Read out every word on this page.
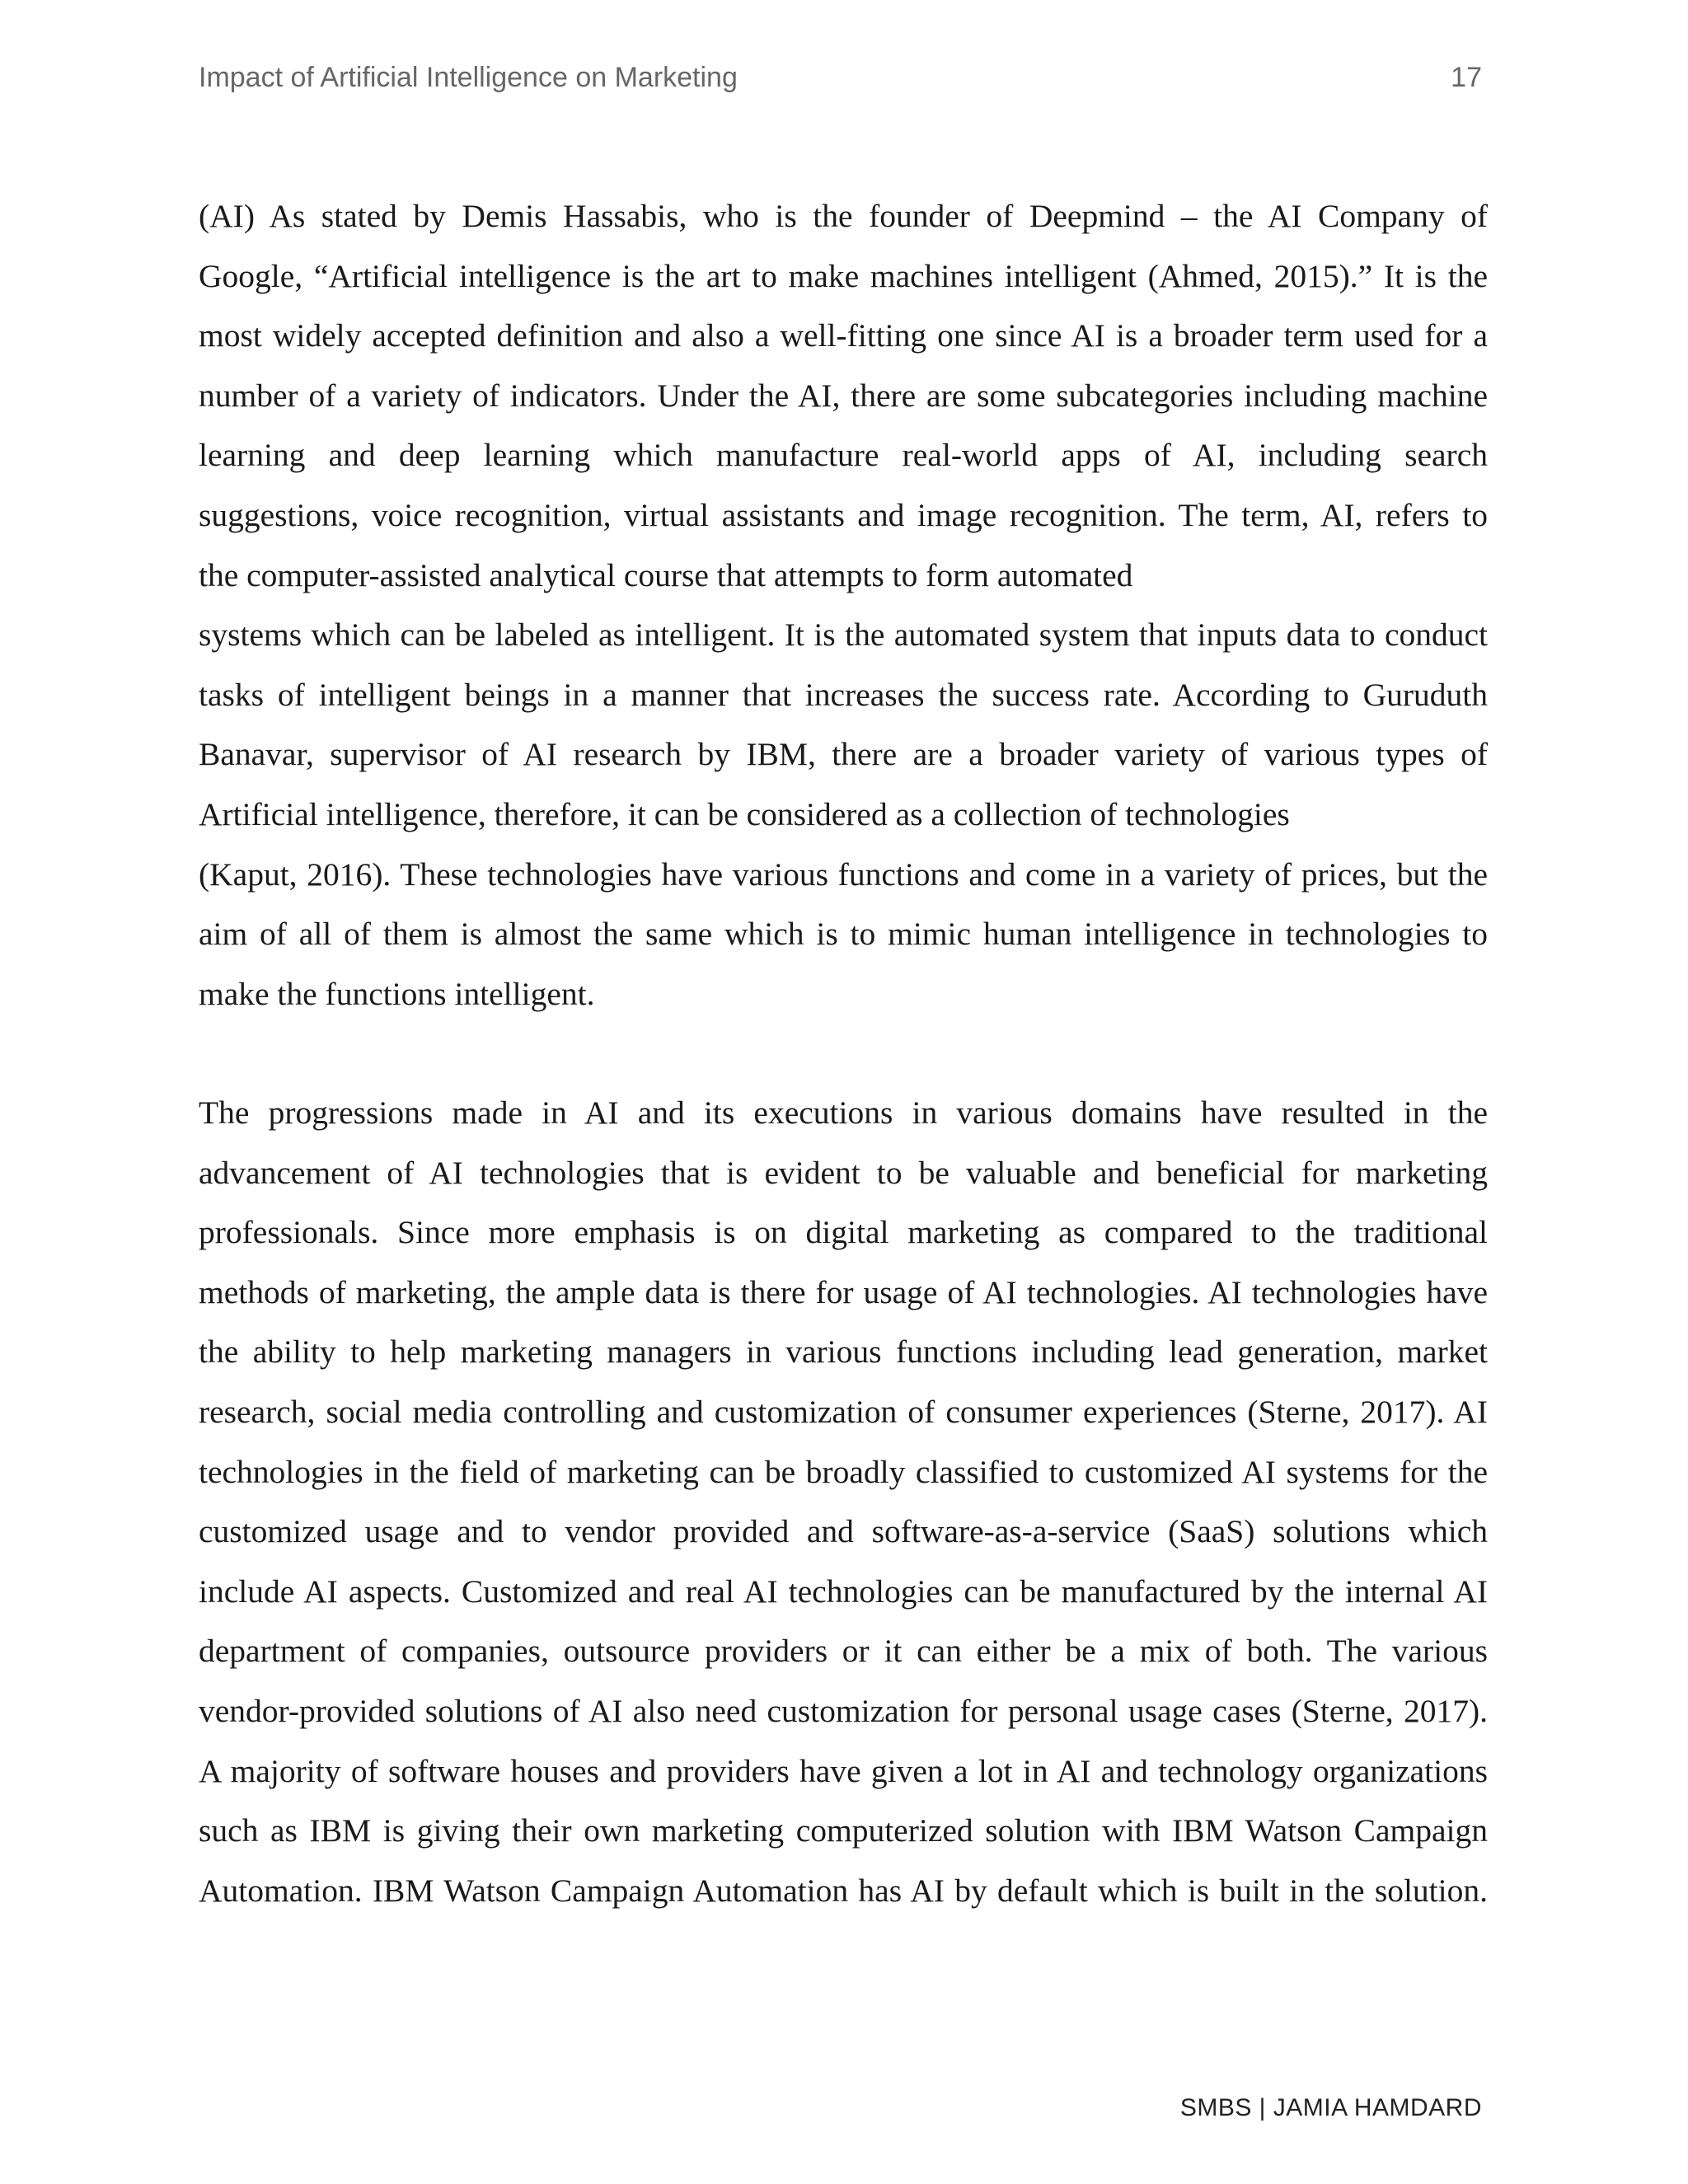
Impact of Artificial Intelligence on Marketing	17

(AI) As stated by Demis Hassabis, who is the founder of Deepmind – the AI Company of
Google, “Artificial intelligence is the art to make machines intelligent (Ahmed, 2015).” It is the
most widely accepted definition and also a well-fitting one since AI is a broader term used for a
number of a variety of indicators. Under the AI, there are some subcategories including machine
learning and deep learning which manufacture real-world apps of AI, including search
suggestions, voice recognition, virtual assistants and image recognition. The term, AI, refers to
the computer-assisted analytical course that attempts to form automated

systems which can be labeled as intelligent. It is the automated system that inputs data to conduct
tasks of intelligent beings in a manner that increases the success rate. According to Guruduth
Banavar, supervisor of AI research by IBM, there are a broader variety of various types of
Artificial intelligence, therefore, it can be considered as a collection of technologies

(Kaput, 2016). These technologies have various functions and come in a variety of prices, but the
aim of all of them is almost the same which is to mimic human intelligence in technologies to
make the functions intelligent.

The progressions made in AI and its executions in various domains have resulted in the
advancement of AI technologies that is evident to be valuable and beneficial for marketing
professionals. Since more emphasis is on digital marketing as compared to the traditional
methods of marketing, the ample data is there for usage of AI technologies. AI technologies have
the ability to help marketing managers in various functions including lead generation, market
research, social media controlling and customization of consumer experiences (Sterne, 2017). AI
technologies in the field of marketing can be broadly classified to customized AI systems for the
customized usage and to vendor provided and software-as-a-service (SaaS) solutions which
include AI aspects. Customized and real AI technologies can be manufactured by the internal AI
department of companies, outsource providers or it can either be a mix of both. The various
vendor-provided solutions of AI also need customization for personal usage cases (Sterne, 2017).
A majority of software houses and providers have given a lot in AI and technology organizations
such as IBM is giving their own marketing computerized solution with IBM Watson Campaign
Automation. IBM Watson Campaign Automation has AI by default which is built in the solution.

SMBS | JAMIA HAMDARD
